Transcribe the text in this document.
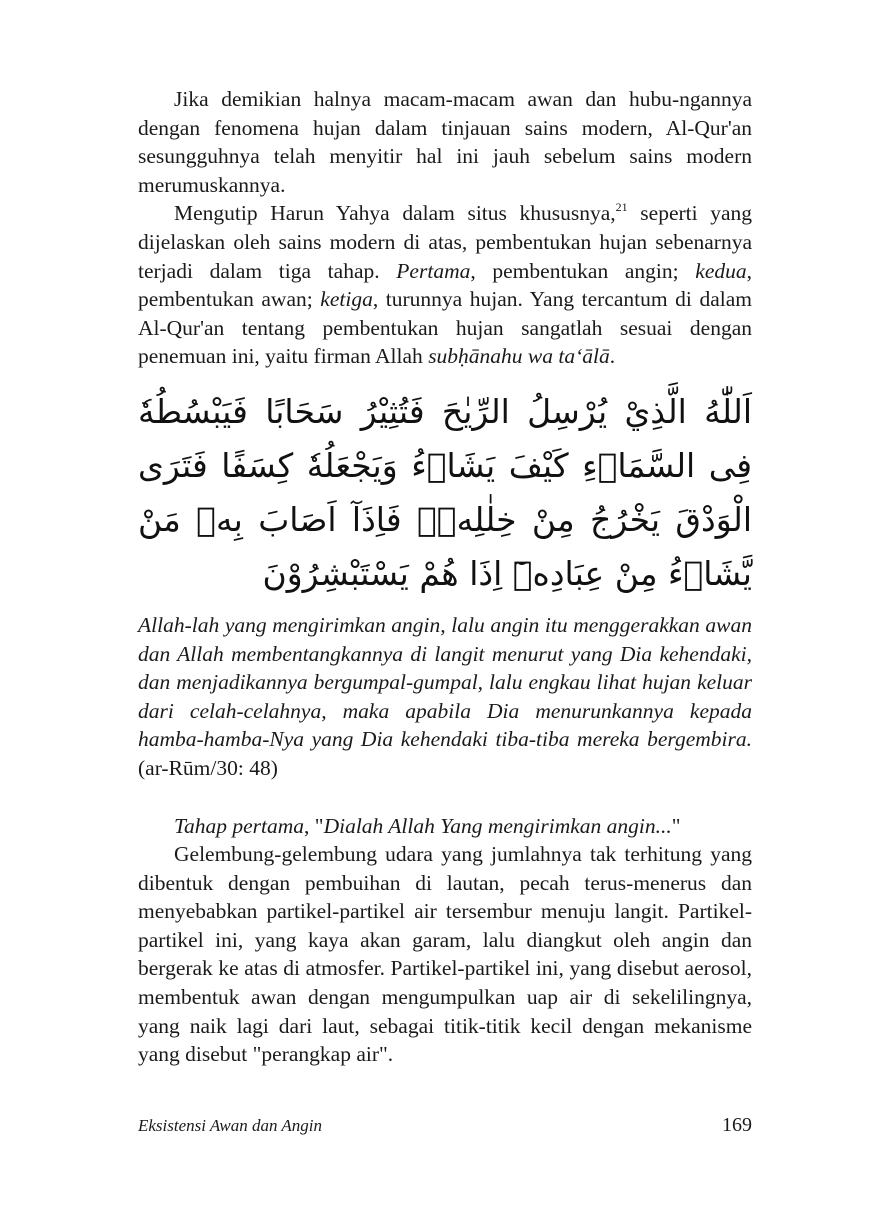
Jika demikian halnya macam-macam awan dan hubu-ngannya dengan fenomena hujan dalam tinjauan sains modern, Al-Qur'an sesungguhnya telah menyitir hal ini jauh sebelum sains modern merumuskannya.

Mengutip Harun Yahya dalam situs khususnya,$^{21}$ seperti yang dijelaskan oleh sains modern di atas, pembentukan hujan sebenarnya terjadi dalam tiga tahap. Pertama, pembentukan angin; kedua, pembentukan awan; ketiga, turunnya hujan. Yang tercantum di dalam Al-Qur'an tentang pembentukan hujan sangatlah sesuai dengan penemuan ini, yaitu firman Allah subḥānahu wa ta‘ālā.

اَللّٰهُ الَّذِيْ يُرْسِلُ الرِّيٰحَ فَتُثِيْرُ سَحَابًا فَيَبْسُطُهٗ فِى السَّمَاۤءِ كَيْفَ يَشَاۤءُ وَيَجْعَلُهٗ كِسَفًا فَتَرَى الْوَدْقَ يَخْرُجُ مِنْ خِلٰلِهٖۚ فَاِذَآ اَصَابَ بِهٖ مَنْ يَّشَاۤءُ مِنْ عِبَادِهٖٓ اِذَا هُمْ يَسْتَبْشِرُوْنَ

Allah-lah yang mengirimkan angin, lalu angin itu menggerakkan awan dan Allah membentangkannya di langit menurut yang Dia kehendaki, dan menjadikannya bergumpal-gumpal, lalu engkau lihat hujan keluar dari celah-celahnya, maka apabila Dia menurunkannya kepada hamba-hamba-Nya yang Dia kehendaki tiba-tiba mereka bergembira. (ar-Rūm/30: 48)

Tahap pertama, "Dialah Allah Yang mengirimkan angin..."

Gelembung-gelembung udara yang jumlahnya tak terhitung yang dibentuk dengan pembuihan di lautan, pecah terus-menerus dan menyebabkan partikel-partikel air tersembur menuju langit. Partikel-partikel ini, yang kaya akan garam, lalu diangkut oleh angin dan bergerak ke atas di atmosfer. Partikel-partikel ini, yang disebut aerosol, membentuk awan dengan mengumpulkan uap air di sekelilingnya, yang naik lagi dari laut, sebagai titik-titik kecil dengan mekanisme yang disebut "perangkap air".

Eksistensi Awan dan Angin	169
